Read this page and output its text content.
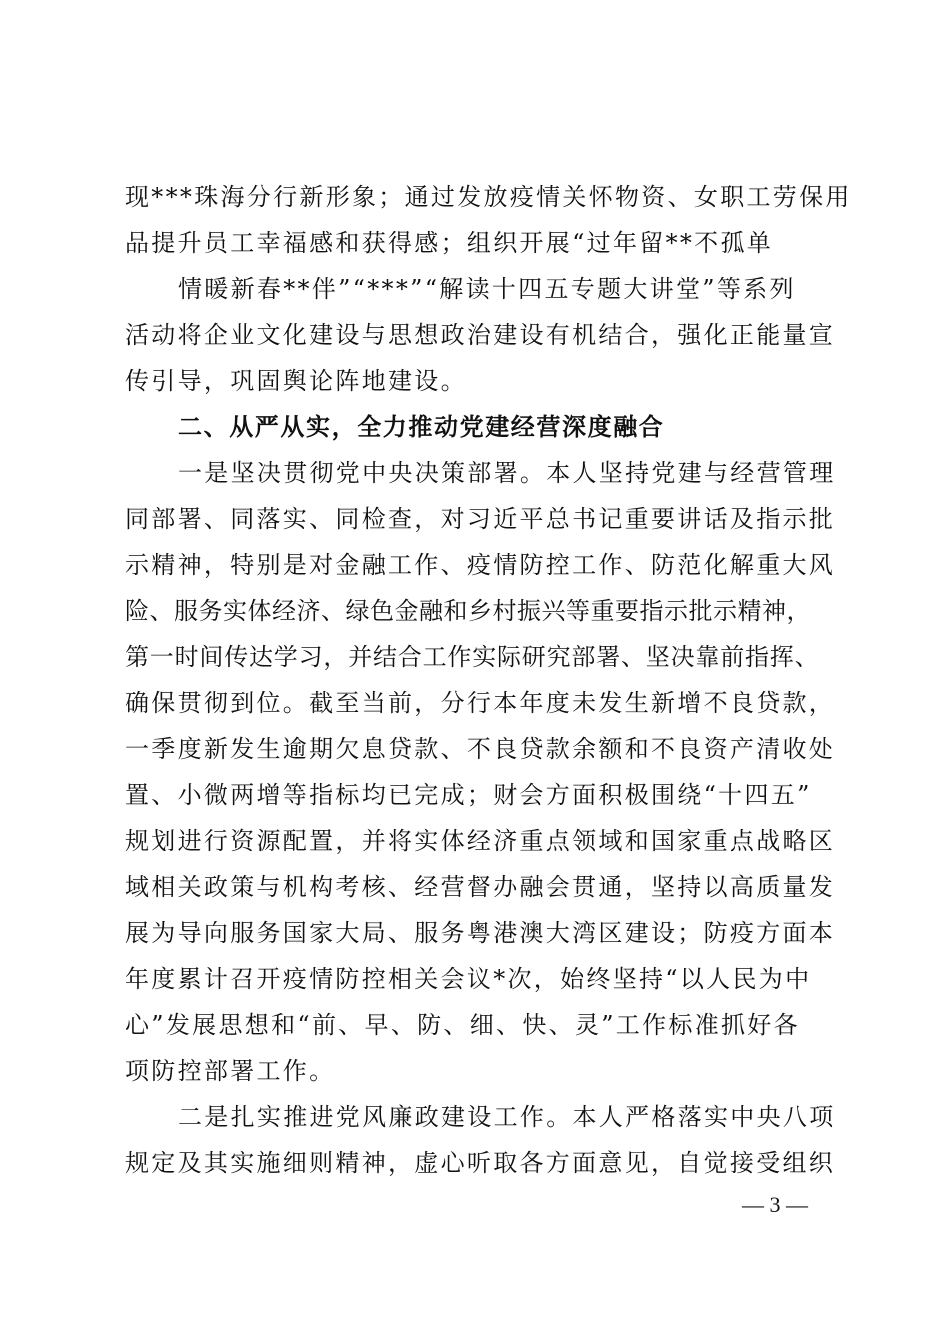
现***珠海分行新形象；通过发放疫情关怀物资、女职工劳保用
品提升员工幸福感和获得感；组织开展“过年留**不孤单
情暖新春**伴”“***”“解读十四五专题大讲堂”等系列
活动将企业文化建设与思想政治建设有机结合，强化正能量宣
传引导，巩固舆论阵地建设。
二、从严从实，全力推动党建经营深度融合
一是坚决贯彻党中央决策部署。本人坚持党建与经营管理
同部署、同落实、同检查，对习近平总书记重要讲话及指示批
示精神，特别是对金融工作、疫情防控工作、防范化解重大风
险、服务实体经济、绿色金融和乡村振兴等重要指示批示精神，
第一时间传达学习，并结合工作实际研究部署、坚决靠前指挥、
确保贯彻到位。截至当前，分行本年度未发生新增不良贷款，
一季度新发生逾期欠息贷款、不良贷款余额和不良资产清收处
置、小微两增等指标均已完成；财会方面积极围绕“十四五”
规划进行资源配置，并将实体经济重点领域和国家重点战略区
域相关政策与机构考核、经营督办融会贯通，坚持以高质量发
展为导向服务国家大局、服务粤港澳大湾区建设；防疫方面本
年度累计召开疫情防控相关会议*次，始终坚持“以人民为中
心”发展思想和“前、早、防、细、快、灵”工作标准抓好各
项防控部署工作。
二是扎实推进党风廉政建设工作。本人严格落实中央八项
规定及其实施细则精神，虚心听取各方面意见，自觉接受组织
— 3 —
